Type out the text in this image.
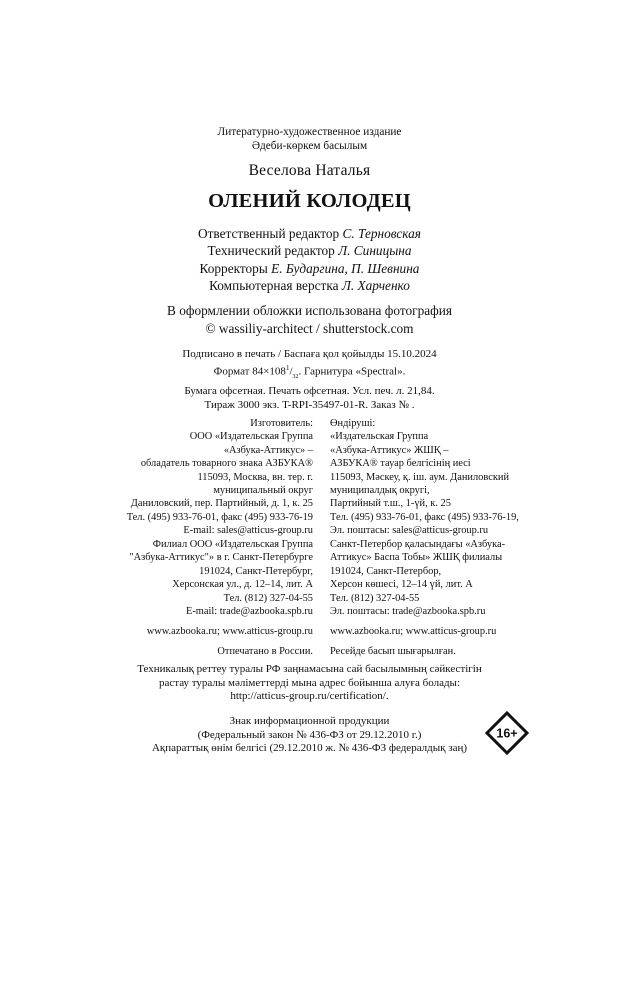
Литературно-художественное издание
Әдеби-көркем басылым
Веселова Наталья
ОЛЕНИЙ КОЛОДЕЦ
Ответственный редактор С. Терновская
Технический редактор Л. Синицына
Корректоры Е. Бударгина, П. Шевнина
Компьютерная верстка Л. Харченко
В оформлении обложки использована фотография
© wassiliy-architect / shutterstock.com
Подписано в печать / Баспаға қол қойылды 15.10.2024
Формат $84\times 108^1/_{32}$. Гарнитура «Spectral».
Бумага офсетная. Печать офсетная. Усл. печ. л. 21,84.
Тираж 3000 экз. T-RPI-35497-01-R. Заказ № .
Изготовитель:
ООО «Издательская Группа
«Азбука-Аттикус» –
обладатель товарного знака АЗБУКА®
115093, Москва, вн. тер. г.
муниципальный округ
Даниловский, пер. Партийный, д. 1, к. 25
Тел. (495) 933-76-01, факс (495) 933-76-19
E-mail: sales@atticus-group.ru
Өндіруші:
«Издательская Группа
«Азбука-Аттикус» ЖШҚ –
АЗБУКА® тауар белгісінің иесі
115093, Мәскеу, қ. іш. аум. Даниловский
муниципалдық округі,
Партийный т.ш., 1-үй, к. 25
Тел. (495) 933-76-01, факс (495) 933-76-19,
Эл. поштасы: sales@atticus-group.ru
Филиал ООО «Издательская Группа
"Азбука-Аттикус"» в г. Санкт-Петербурге
191024, Санкт-Петербург,
Херсонская ул., д. 12–14, лит. А
Тел. (812) 327-04-55
E-mail: trade@azbooka.spb.ru
Санкт-Петербор қаласындағы «Азбука-
Аттикус» Баспа Тобы» ЖШҚ филиалы
191024, Санкт-Петербор,
Херсон көшесі, 12–14 үй, лит. А
Тел. (812) 327-04-55
Эл. поштасы: trade@azbooka.spb.ru
www.azbooka.ru; www.atticus-group.ru www.azbooka.ru; www.atticus-group.ru
Отпечатано в России. Ресейде басып шығарылған.
Техникалық реттеу туралы РФ заңнамасына сай басылымның сәйкестігін
растау туралы мәліметтерді мына адрес бойынша алуға болады:
http://atticus-group.ru/certification/.
Знак информационной продукции
(Федеральный закон № 436-ФЗ от 29.12.2010 г.)
Ақпараттық өнім белгісі (29.12.2010 ж. № 436-ФЗ федералдық заң)
16+
